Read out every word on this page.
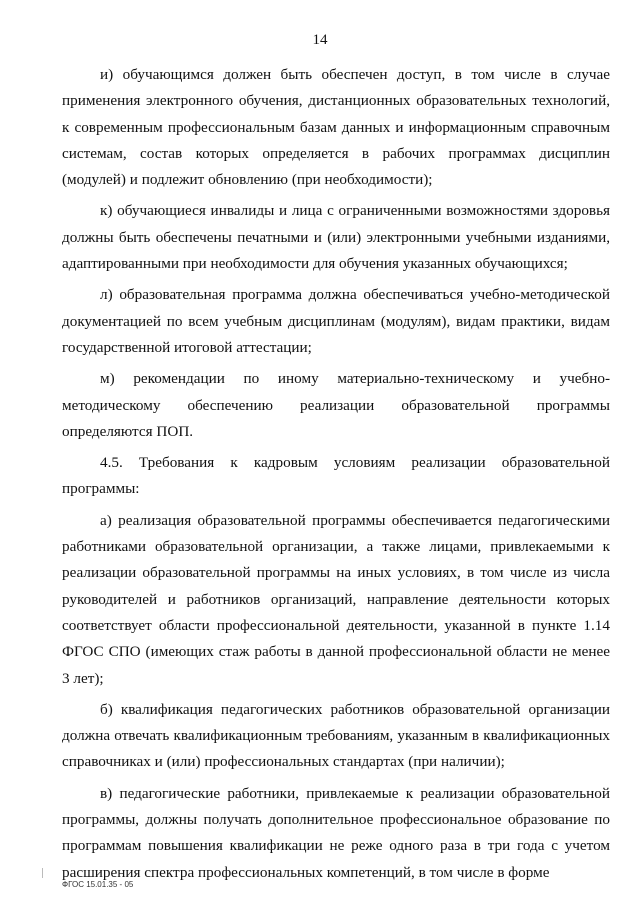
14

и) обучающимся должен быть обеспечен доступ, в том числе в случае применения электронного обучения, дистанционных образовательных технологий, к современным профессиональным базам данных и информационным справочным системам, состав которых определяется в рабочих программах дисциплин (модулей) и подлежит обновлению (при необходимости);

к) обучающиеся инвалиды и лица с ограниченными возможностями здоровья должны быть обеспечены печатными и (или) электронными учебными изданиями, адаптированными при необходимости для обучения указанных обучающихся;

л) образовательная программа должна обеспечиваться учебно-методической документацией по всем учебным дисциплинам (модулям), видам практики, видам государственной итоговой аттестации;

м) рекомендации по иному материально-техническому и учебно-методическому обеспечению реализации образовательной программы определяются ПОП.

4.5. Требования к кадровым условиям реализации образовательной программы:

а) реализация образовательной программы обеспечивается педагогическими работниками образовательной организации, а также лицами, привлекаемыми к реализации образовательной программы на иных условиях, в том числе из числа руководителей и работников организаций, направление деятельности которых соответствует области профессиональной деятельности, указанной в пункте 1.14 ФГОС СПО (имеющих стаж работы в данной профессиональной области не менее 3 лет);

б) квалификация педагогических работников образовательной организации должна отвечать квалификационным требованиям, указанным в квалификационных справочниках и (или) профессиональных стандартах (при наличии);

в) педагогические работники, привлекаемые к реализации образовательной программы, должны получать дополнительное профессиональное образование по программам повышения квалификации не реже одного раза в три года с учетом расширения спектра профессиональных компетенций, в том числе в форме

ФГОС 15.01.35 - 05
